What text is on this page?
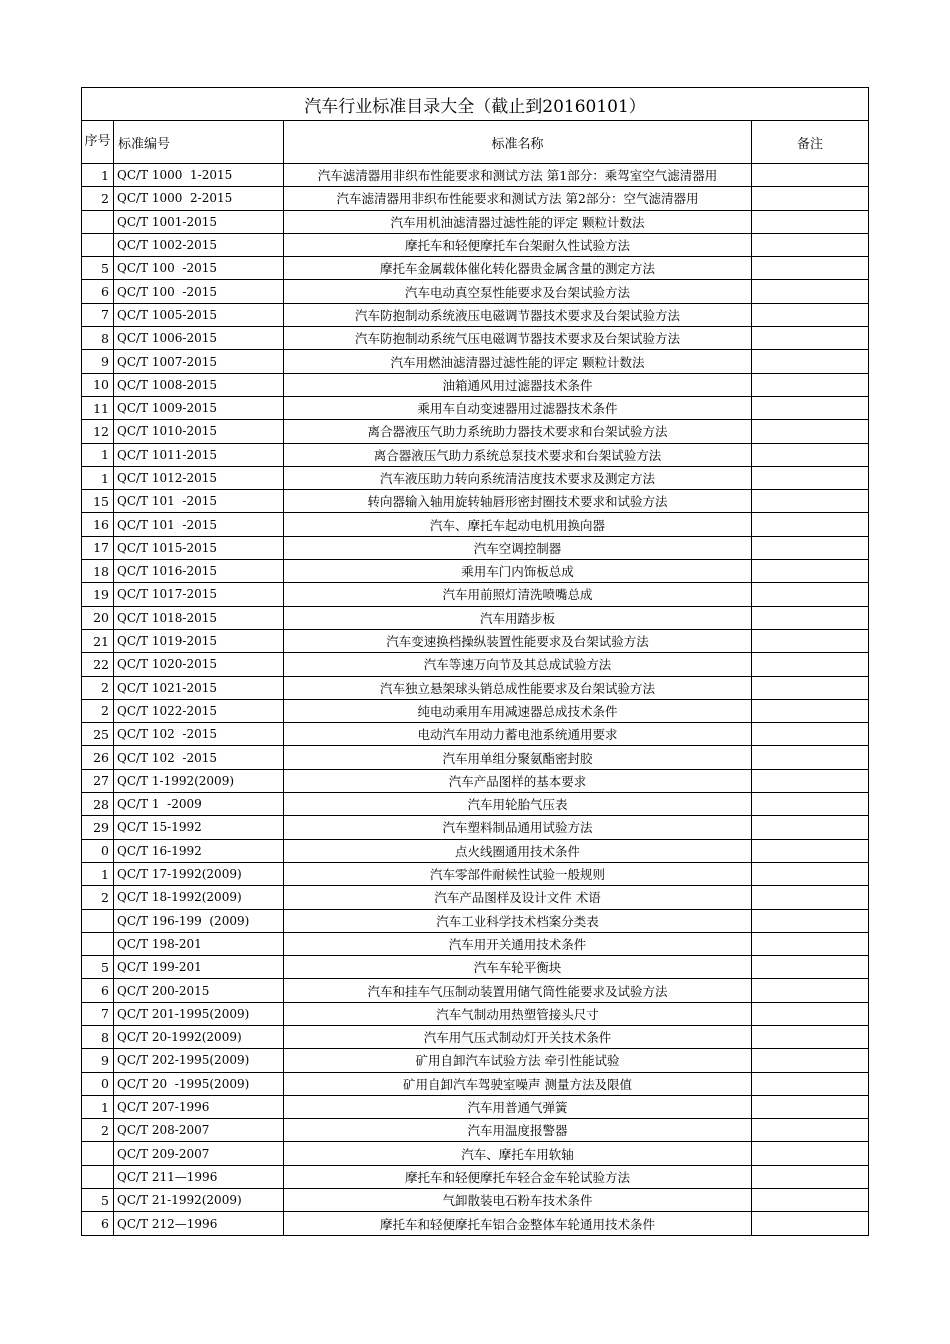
汽车行业标准目录大全（截止到20160101）			
序号	标准编号	标准名称	备注
1	QC/T 1000  1-2015	汽车滤清器用非织布性能要求和测试方法 第1部分：乘驾室空气滤清器用	
2	QC/T 1000  2-2015	汽车滤清器用非织布性能要求和测试方法 第2部分：空气滤清器用	
	QC/T 1001-2015	汽车用机油滤清器过滤性能的评定 颗粒计数法	
	QC/T 1002-2015	摩托车和轻便摩托车台架耐久性试验方法	
5	QC/T 100  -2015	摩托车金属载体催化转化器贵金属含量的测定方法	
6	QC/T 100  -2015	汽车电动真空泵性能要求及台架试验方法	
7	QC/T 1005-2015	汽车防抱制动系统液压电磁调节器技术要求及台架试验方法	
8	QC/T 1006-2015	汽车防抱制动系统气压电磁调节器技术要求及台架试验方法	
9	QC/T 1007-2015	汽车用燃油滤清器过滤性能的评定 颗粒计数法	
10	QC/T 1008-2015	油箱通风用过滤器技术条件	
11	QC/T 1009-2015	乘用车自动变速器用过滤器技术条件	
12	QC/T 1010-2015	离合器液压气助力系统助力器技术要求和台架试验方法	
1	QC/T 1011-2015	离合器液压气助力系统总泵技术要求和台架试验方法	
1	QC/T 1012-2015	汽车液压助力转向系统清洁度技术要求及测定方法	
15	QC/T 101  -2015	转向器输入轴用旋转轴唇形密封圈技术要求和试验方法	
16	QC/T 101  -2015	汽车、摩托车起动电机用换向器	
17	QC/T 1015-2015	汽车空调控制器	
18	QC/T 1016-2015	乘用车门内饰板总成	
19	QC/T 1017-2015	汽车用前照灯清洗喷嘴总成	
20	QC/T 1018-2015	汽车用踏步板	
21	QC/T 1019-2015	汽车变速换档操纵装置性能要求及台架试验方法	
22	QC/T 1020-2015	汽车等速万向节及其总成试验方法	
2	QC/T 1021-2015	汽车独立悬架球头销总成性能要求及台架试验方法	
2	QC/T 1022-2015	纯电动乘用车用减速器总成技术条件	
25	QC/T 102  -2015	电动汽车用动力蓄电池系统通用要求	
26	QC/T 102  -2015	汽车用单组分聚氨酯密封胶	
27	QC/T 1-1992(2009)	汽车产品图样的基本要求	
28	QC/T 1  -2009	汽车用轮胎气压表	
29	QC/T 15-1992	汽车塑料制品通用试验方法	
0	QC/T 16-1992	点火线圈通用技术条件	
1	QC/T 17-1992(2009)	汽车零部件耐候性试验一般规则	
2	QC/T 18-1992(2009)	汽车产品图样及设计文件 术语	
	QC/T 196-199  (2009)	汽车工业科学技术档案分类表	
	QC/T 198-201	汽车用开关通用技术条件	
5	QC/T 199-201	汽车车轮平衡块	
6	QC/T 200-2015	汽车和挂车气压制动装置用储气筒性能要求及试验方法	
7	QC/T 201-1995(2009)	汽车气制动用热塑管接头尺寸	
8	QC/T 20-1992(2009)	汽车用气压式制动灯开关技术条件	
9	QC/T 202-1995(2009)	矿用自卸汽车试验方法 牵引性能试验	
0	QC/T 20  -1995(2009)	矿用自卸汽车驾驶室噪声 测量方法及限值	
1	QC/T 207-1996	汽车用普通气弹簧	
2	QC/T 208-2007	汽车用温度报警器	
	QC/T 209-2007	汽车、摩托车用软轴	
	QC/T 211—1996	摩托车和轻便摩托车轻合金车轮试验方法	
5	QC/T 21-1992(2009)	气卸散装电石粉车技术条件	
6	QC/T 212—1996	摩托车和轻便摩托车铝合金整体车轮通用技术条件	
